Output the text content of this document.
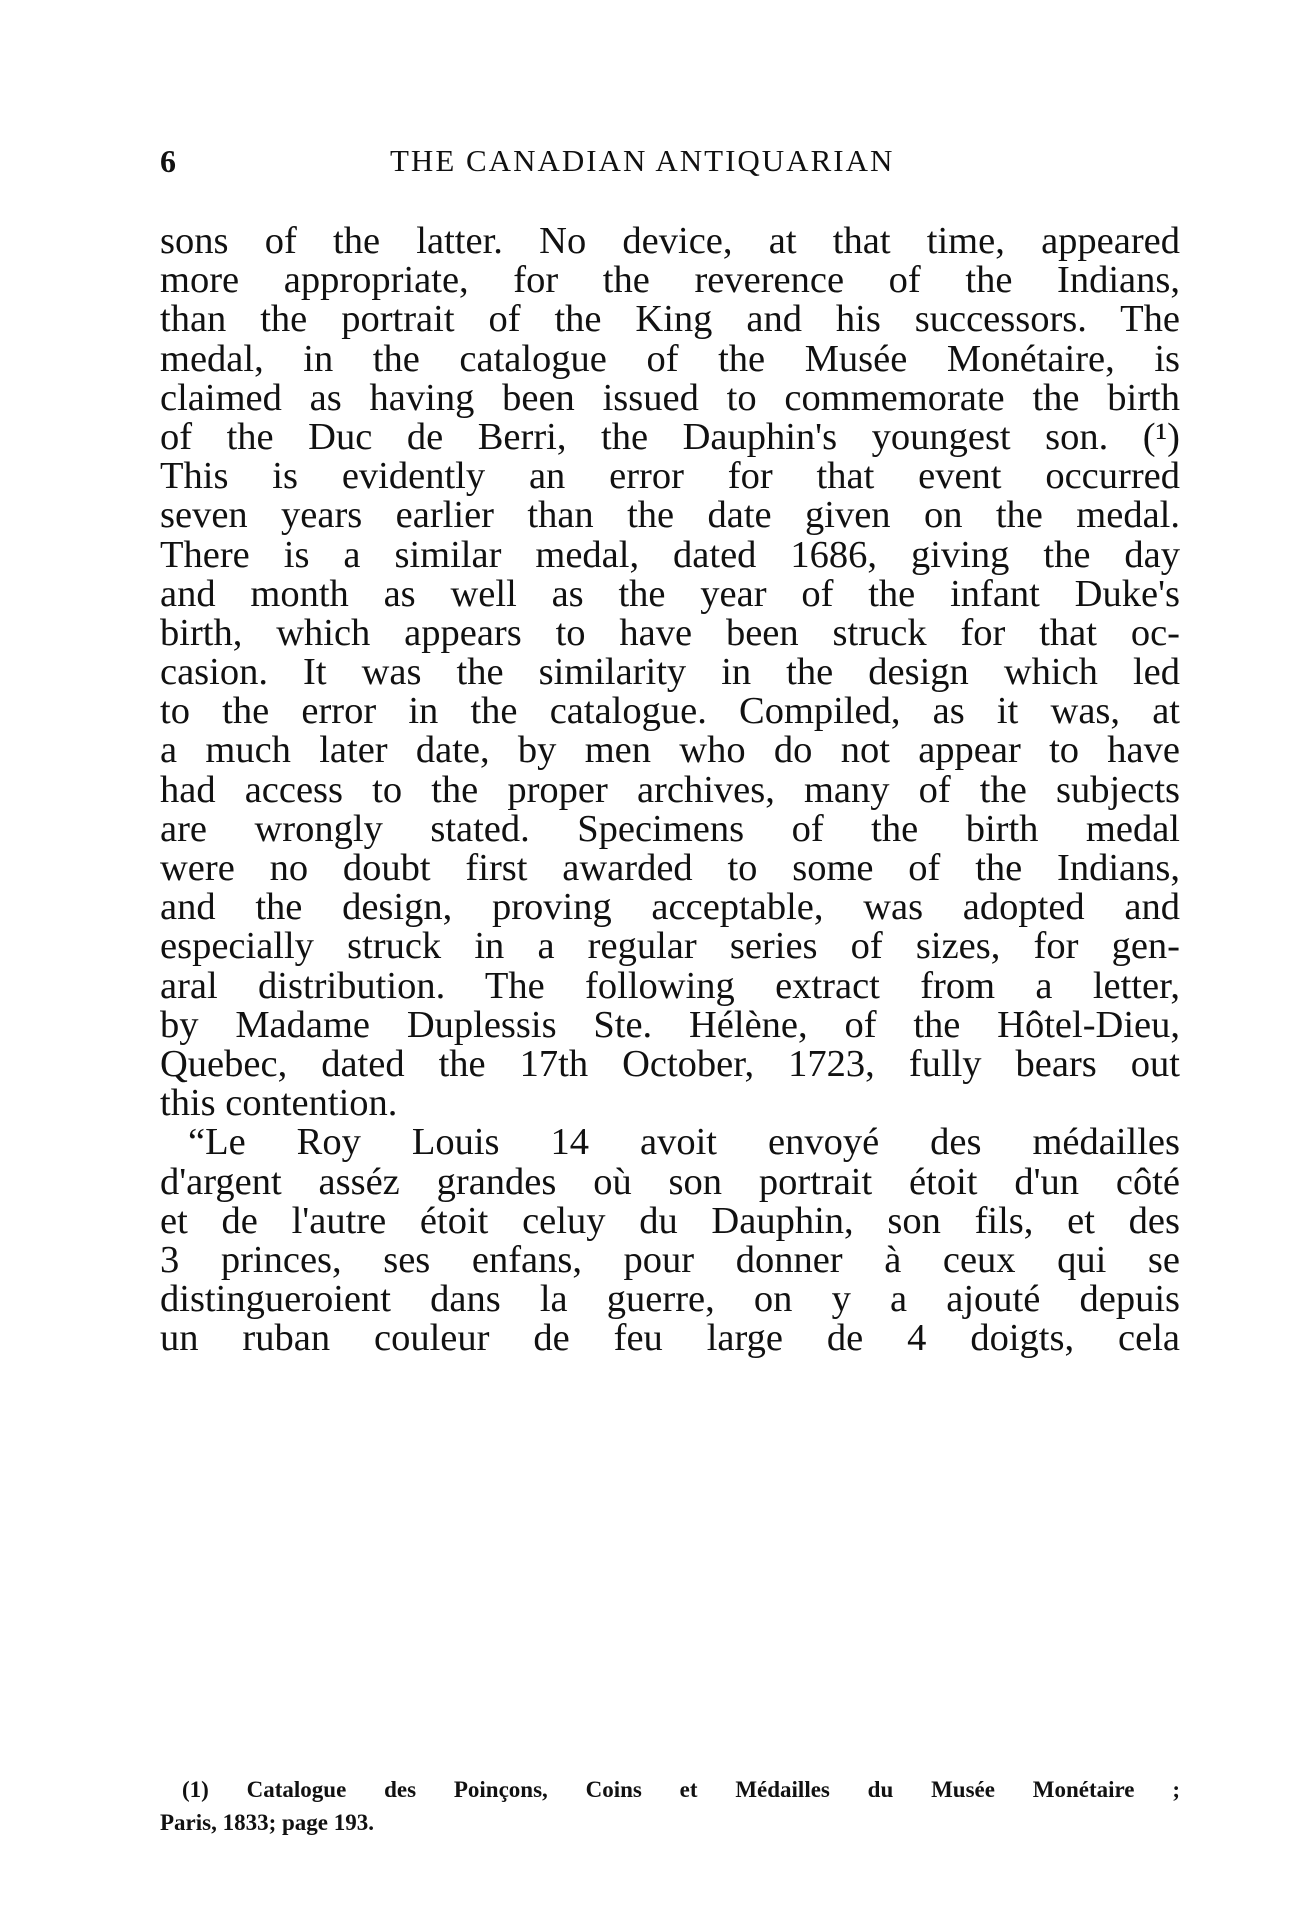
6	THE CANADIAN ANTIQUARIAN
sons of the latter. No device, at that time, appeared
more appropriate, for the reverence of the Indians,
than the portrait of the King and his successors. The
medal, in the catalogue of the Musée Monétaire, is
claimed as having been issued to commemorate the birth
of the Duc de Berri, the Dauphin's youngest son. (¹)
This is evidently an error for that event occurred
seven years earlier than the date given on the medal.
There is a similar medal, dated 1686, giving the day
and month as well as the year of the infant Duke's
birth, which appears to have been struck for that oc-
casion. It was the similarity in the design which led
to the error in the catalogue. Compiled, as it was, at
a much later date, by men who do not appear to have
had access to the proper archives, many of the subjects
are wrongly stated. Specimens of the birth medal
were no doubt first awarded to some of the Indians,
and the design, proving acceptable, was adopted and
especially struck in a regular series of sizes, for gen-
aral distribution. The following extract from a letter,
by Madame Duplessis Ste. Hélène, of the Hôtel-Dieu,
Quebec, dated the 17th October, 1723, fully bears out
this contention.
“Le Roy Louis 14 avoit envoyé des médailles
d'argent asséz grandes où son portrait étoit d'un côté
et de l'autre étoit celuy du Dauphin, son fils, et des
3 princes, ses enfans, pour donner à ceux qui se
distingueroient dans la guerre, on y a ajouté depuis
un ruban couleur de feu large de 4 doigts, cela
(1) Catalogue des Poinçons, Coins et Médailles du Musée Monétaire ;
Paris, 1833; page 193.
